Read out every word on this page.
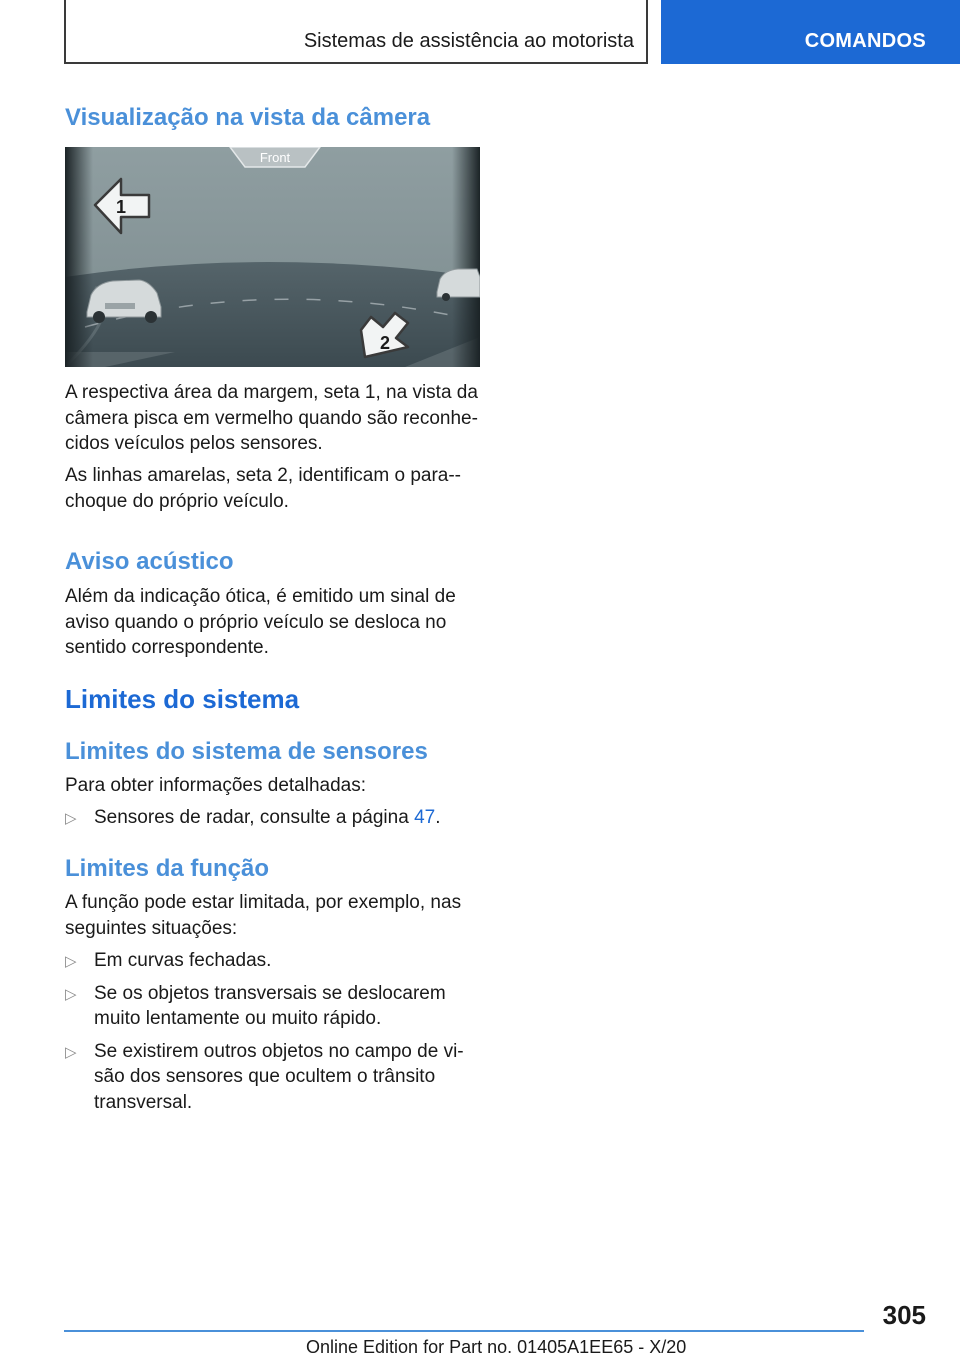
Sistemas de assistência ao motorista	COMANDOS
Visualização na vista da câmera

A respectiva área da margem, seta 1, na vista da câmera pisca em vermelho quando são reconhe-cidos veículos pelos sensores.

As linhas amarelas, seta 2, identificam o para--choque do próprio veículo.

Aviso acústico

Além da indicação ótica, é emitido um sinal de aviso quando o próprio veículo se desloca no sentido correspondente.

Limites do sistema
Limites do sistema de sensores

Para obter informações detalhadas:

▷ Sensores de radar, consulte a página 47.
Limites da função

A função pode estar limitada, por exemplo, nas seguintes situações:

▷ Em curvas fechadas.
▷ Se os objetos transversais se deslocarem muito lentamente ou muito rápido.
▷ Se existirem outros objetos no campo de vi-são dos sensores que ocultem o trânsito transversal.
Front
1
2
305
Online Edition for Part no. 01405A1EE65 - X/20
